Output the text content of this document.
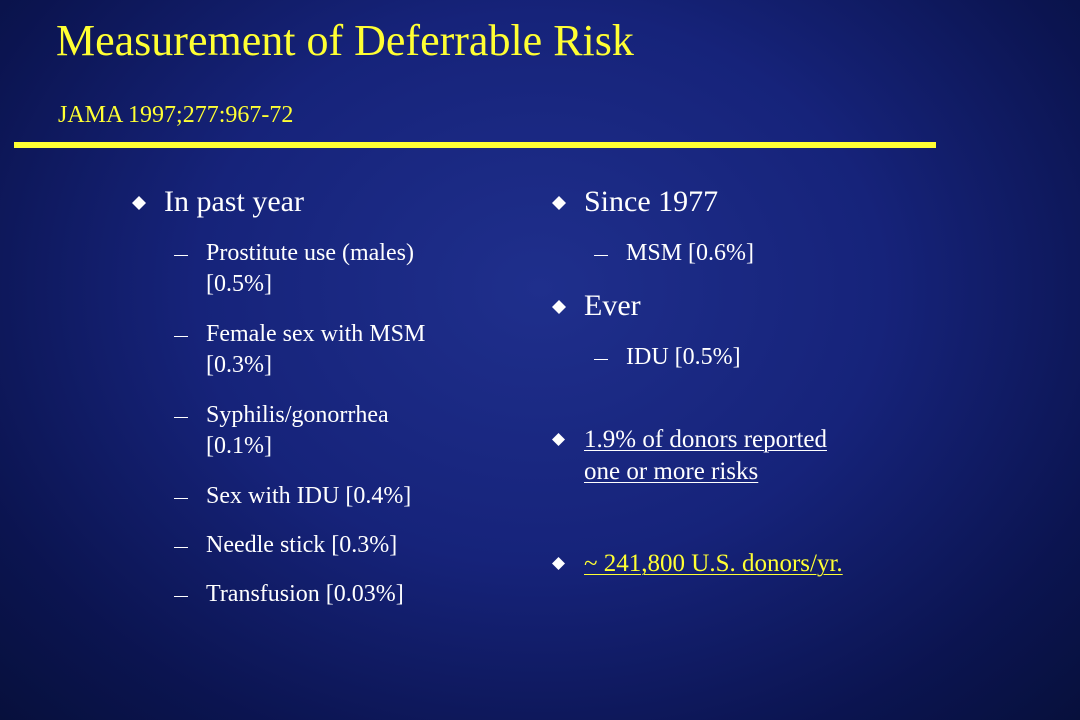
Measurement of Deferrable Risk
JAMA 1997;277:967-72
In past year
Prostitute use (males)
[0.5%]
Female sex with MSM
[0.3%]
Syphilis/gonorrhea
[0.1%]
Sex with IDU [0.4%]
Needle stick [0.3%]
Transfusion [0.03%]
Since 1977
MSM [0.6%]
Ever
IDU [0.5%]
1.9% of donors reported
one or more risks
~ 241,800 U.S. donors/yr.
